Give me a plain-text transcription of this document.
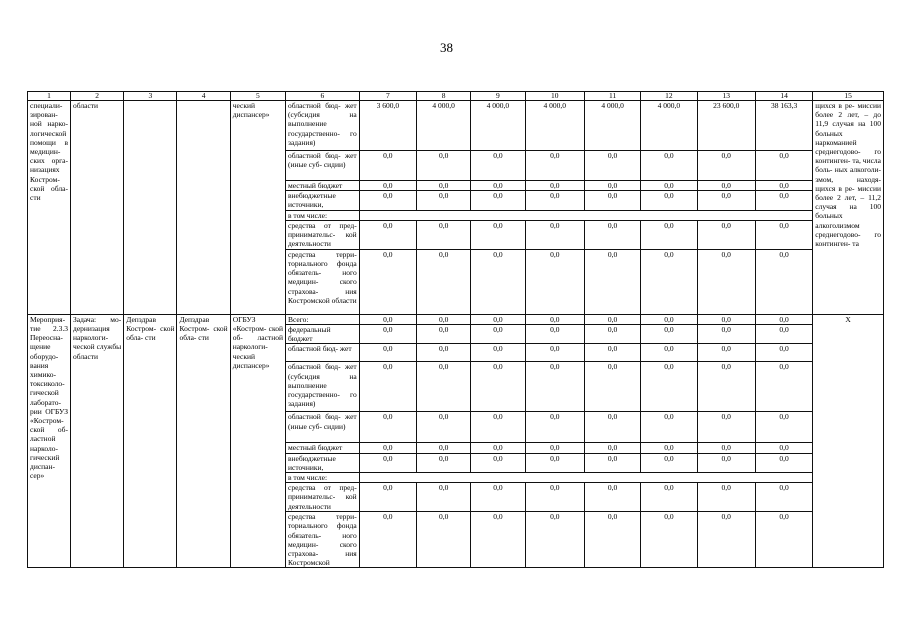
38
1	2	3	4	5	6	7	8	9	10	11	12	13	14	15
специали- зирован- ной нарко- логической помощи в медицин- ских орга- низациях Костром- ской обла- сти	области			ческий диспансер»	областной бюд- жет (субсидия на выполнение государственно- го задания)	3 600,0	4 000,0	4 000,0	4 000,0	4 000,0	4 000,0	23 600,0	38 163,3	щихся в ре- миссии более 2 лет, – до 11,9 случая на 100 больных наркоманией среднегодово- го континген- та, числа боль- ных алкоголи- змом, находя- щихся в ре- миссии более 2 лет, – 11,2 случая на 100 больных алкоголизмом среднегодово- го континген- та
					областной бюд- жет (иные суб- сидии)	0,0	0,0	0,0	0,0	0,0	0,0	0,0	0,0	
					местный бюджет	0,0	0,0	0,0	0,0	0,0	0,0	0,0	0,0	
					внебюджетные источники,	0,0	0,0	0,0	0,0	0,0	0,0	0,0	0,0	
					в том числе:									
					средства от пред- принимательс- кой деятельности	0,0	0,0	0,0	0,0	0,0	0,0	0,0	0,0	
					средства терри- ториального фонда обязатель- ного медицин- ского страхова- ния Костромской области	0,0	0,0	0,0	0,0	0,0	0,0	0,0	0,0	
Мероприя- тие 2.3.3 Переосна- щение оборудо- вания химико- токсиколо- гической лаборато- рии ОГБУЗ «Костром- ской об- ластной нарколо- гический диспан- сер»	Задача: мо- дернизация наркологи- ческой службы области	Депздрав Костром- ской обла- сти	Депздрав Костром- ской обла- сти	ОГБУЗ «Костром- ской об- ластной наркологи- ческий диспансер»	Всего:	0,0	0,0	0,0	0,0	0,0	0,0	0,0	0,0	X
					федеральный бюджет	0,0	0,0	0,0	0,0	0,0	0,0	0,0	0,0	
					областной бюд- жет	0,0	0,0	0,0	0,0	0,0	0,0	0,0	0,0	
					областной бюд- жет (субсидия на выполнение государственно- го задания)	0,0	0,0	0,0	0,0	0,0	0,0	0,0	0,0	
					областной бюд- жет (иные суб- сидии)	0,0	0,0	0,0	0,0	0,0	0,0	0,0	0,0	
					местный бюджет	0,0	0,0	0,0	0,0	0,0	0,0	0,0	0,0	
					внебюджетные источники,	0,0	0,0	0,0	0,0	0,0	0,0	0,0	0,0	
					в том числе:									
					средства от пред- принимательс- кой деятельности	0,0	0,0	0,0	0,0	0,0	0,0	0,0	0,0	
					средства терри- ториального фонда обязатель- ного медицин- ского страхова- ния Костромской	0,0	0,0	0,0	0,0	0,0	0,0	0,0	0,0	
